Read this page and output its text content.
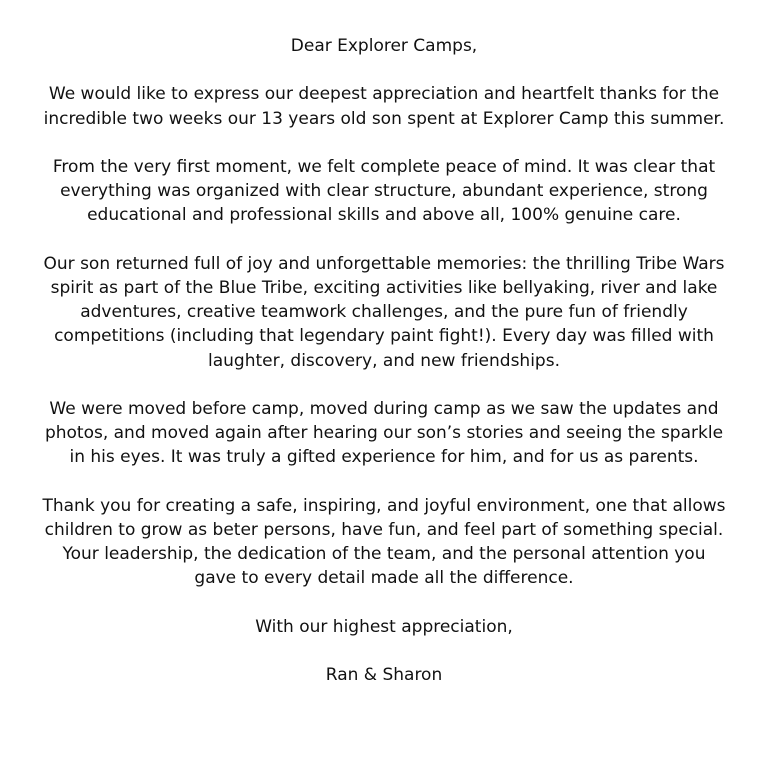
Dear Explorer Camps,

We would like to express our deepest appreciation and heartfelt thanks for the incredible two weeks our 13 years old son spent at Explorer Camp this summer.

From the very first moment, we felt complete peace of mind. It was clear that everything was organized with clear structure, abundant experience, strong educational and professional skills and above all, 100% genuine care.

Our son returned full of joy and unforgettable memories: the thrilling Tribe Wars spirit as part of the Blue Tribe, exciting activities like bellyaking, river and lake adventures, creative teamwork challenges, and the pure fun of friendly competitions (including that legendary paint fight!). Every day was filled with laughter, discovery, and new friendships.

We were moved before camp, moved during camp as we saw the updates and photos, and moved again after hearing our son’s stories and seeing the sparkle in his eyes. It was truly a gifted experience for him, and for us as parents.

Thank you for creating a safe, inspiring, and joyful environment, one that allows children to grow as beter persons, have fun, and feel part of something special. Your leadership, the dedication of the team, and the personal attention you gave to every detail made all the difference.

With our highest appreciation,

Ran & Sharon
